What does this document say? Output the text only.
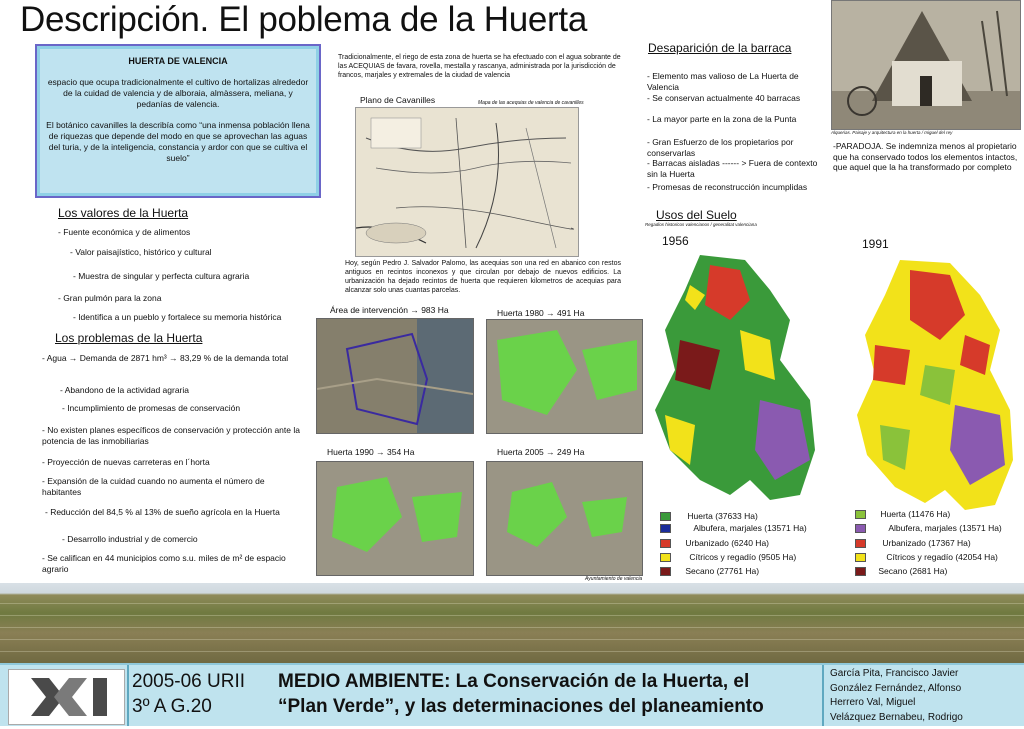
Descripción. El poblema de la Huerta
HUERTA DE VALENCIA

espacio que ocupa tradicionalmente el cultivo de hortalizas alrededor de la cuidad de valencia y de alboraia, almàssera, meliana, y pedanías de valencia.

El botánico cavanilles la describía como “una inmensa población llena de riquezas que depende del modo en que se aprovechan las aguas del turia, y de la inteligencia, constancia y ardor con que se cultiva el suelo”

Tradicionalmente, el riego de esta zona de huerta se ha efectuado con el agua sobrante de las ACEQUIAS de favara, rovella, mestalla y rascanya, administrada por la jurisdicción de francos, marjales y extremales de la ciudad de valencia
Plano de Cavanilles	Mapa de las acequias de valencia de cavanilles
Hoy, según Pedro J. Salvador Palomo, las acequias son una red en abanico con restos antiguos en recintos inconexos y que circulan por debajo de nuevos edificios. La urbanización ha dejado recintos de huerta que requieren kilometros de acequias para alcanzar solo unas cuantas parcelas.
Desaparición de la barraca
- Elemento mas valioso de La Huerta de Valencia
- Se conservan actualmente 40 barracas
- La mayor parte en la zona de la Punta
- Gran Esfuerzo de los propietarios por conservarlas
- Barracas aisladas ------ > Fuera de contexto sin la Huerta
- Promesas de reconstrucción incumplidas
Alquerias. Paisaje y arquitectura en la huerta / miguel del rey
-PARADOJA. Se indemniza menos al propietario que ha conservado todos los elementos intactos, que aquel que la ha transformado por completo
Los valores de la Huerta
- Fuente económica y de alimentos
- Valor paisajístico, histórico y cultural
- Muestra de singular y perfecta cultura agraria
- Gran pulmón para la zona
- Identifica a un pueblo y fortalece su memoria histórica
Los problemas de la Huerta
- Agua → Demanda de 2871 hm³ → 83,29 % de la demanda total
- Abandono de la actividad agraria
- Incumplimiento de promesas de conservación
- No existen planes específicos de conservación y protección ante la potencia de las inmobiliarias
- Proyección de nuevas carreteras en l´horta
- Expansión de la cuidad cuando no aumenta el número de habitantes
- Reducción del 84,5 % al 13% de sueño agrícola en la Huerta
- Desarrollo industrial y de comercio
- Se califican en 44 municipios como s.u. miles de m² de espacio agrario
Área de intervención → 983 Ha	Huerta 1980 → 491 Ha
Huerta 1990 → 354 Ha	Huerta 2005 → 249 Ha
Ayuntamiento de valencia
Usos del Suelo
Regadios historicos valencianos / generalitat valenciana
1956	1991
Huerta (37633 Ha)
Albufera, marjales (13571 Ha)
Urbanizado (6240 Ha)
Cítricos y regadío (9505 Ha)
Secano (27761 Ha)
Huerta (11476 Ha)
Albufera, marjales (13571 Ha)
Urbanizado (17367 Ha)
Cítricos y regadío (42054 Ha)
Secano (2681 Ha)
2005-06 URII
3º A G.20
MEDIO AMBIENTE: La Conservación de la Huerta, el
“Plan Verde”, y las determinaciones del planeamiento
García Pita, Francisco Javier
González Fernández, Alfonso
Herrero Val, Miguel
Velázquez Bernabeu, Rodrigo
